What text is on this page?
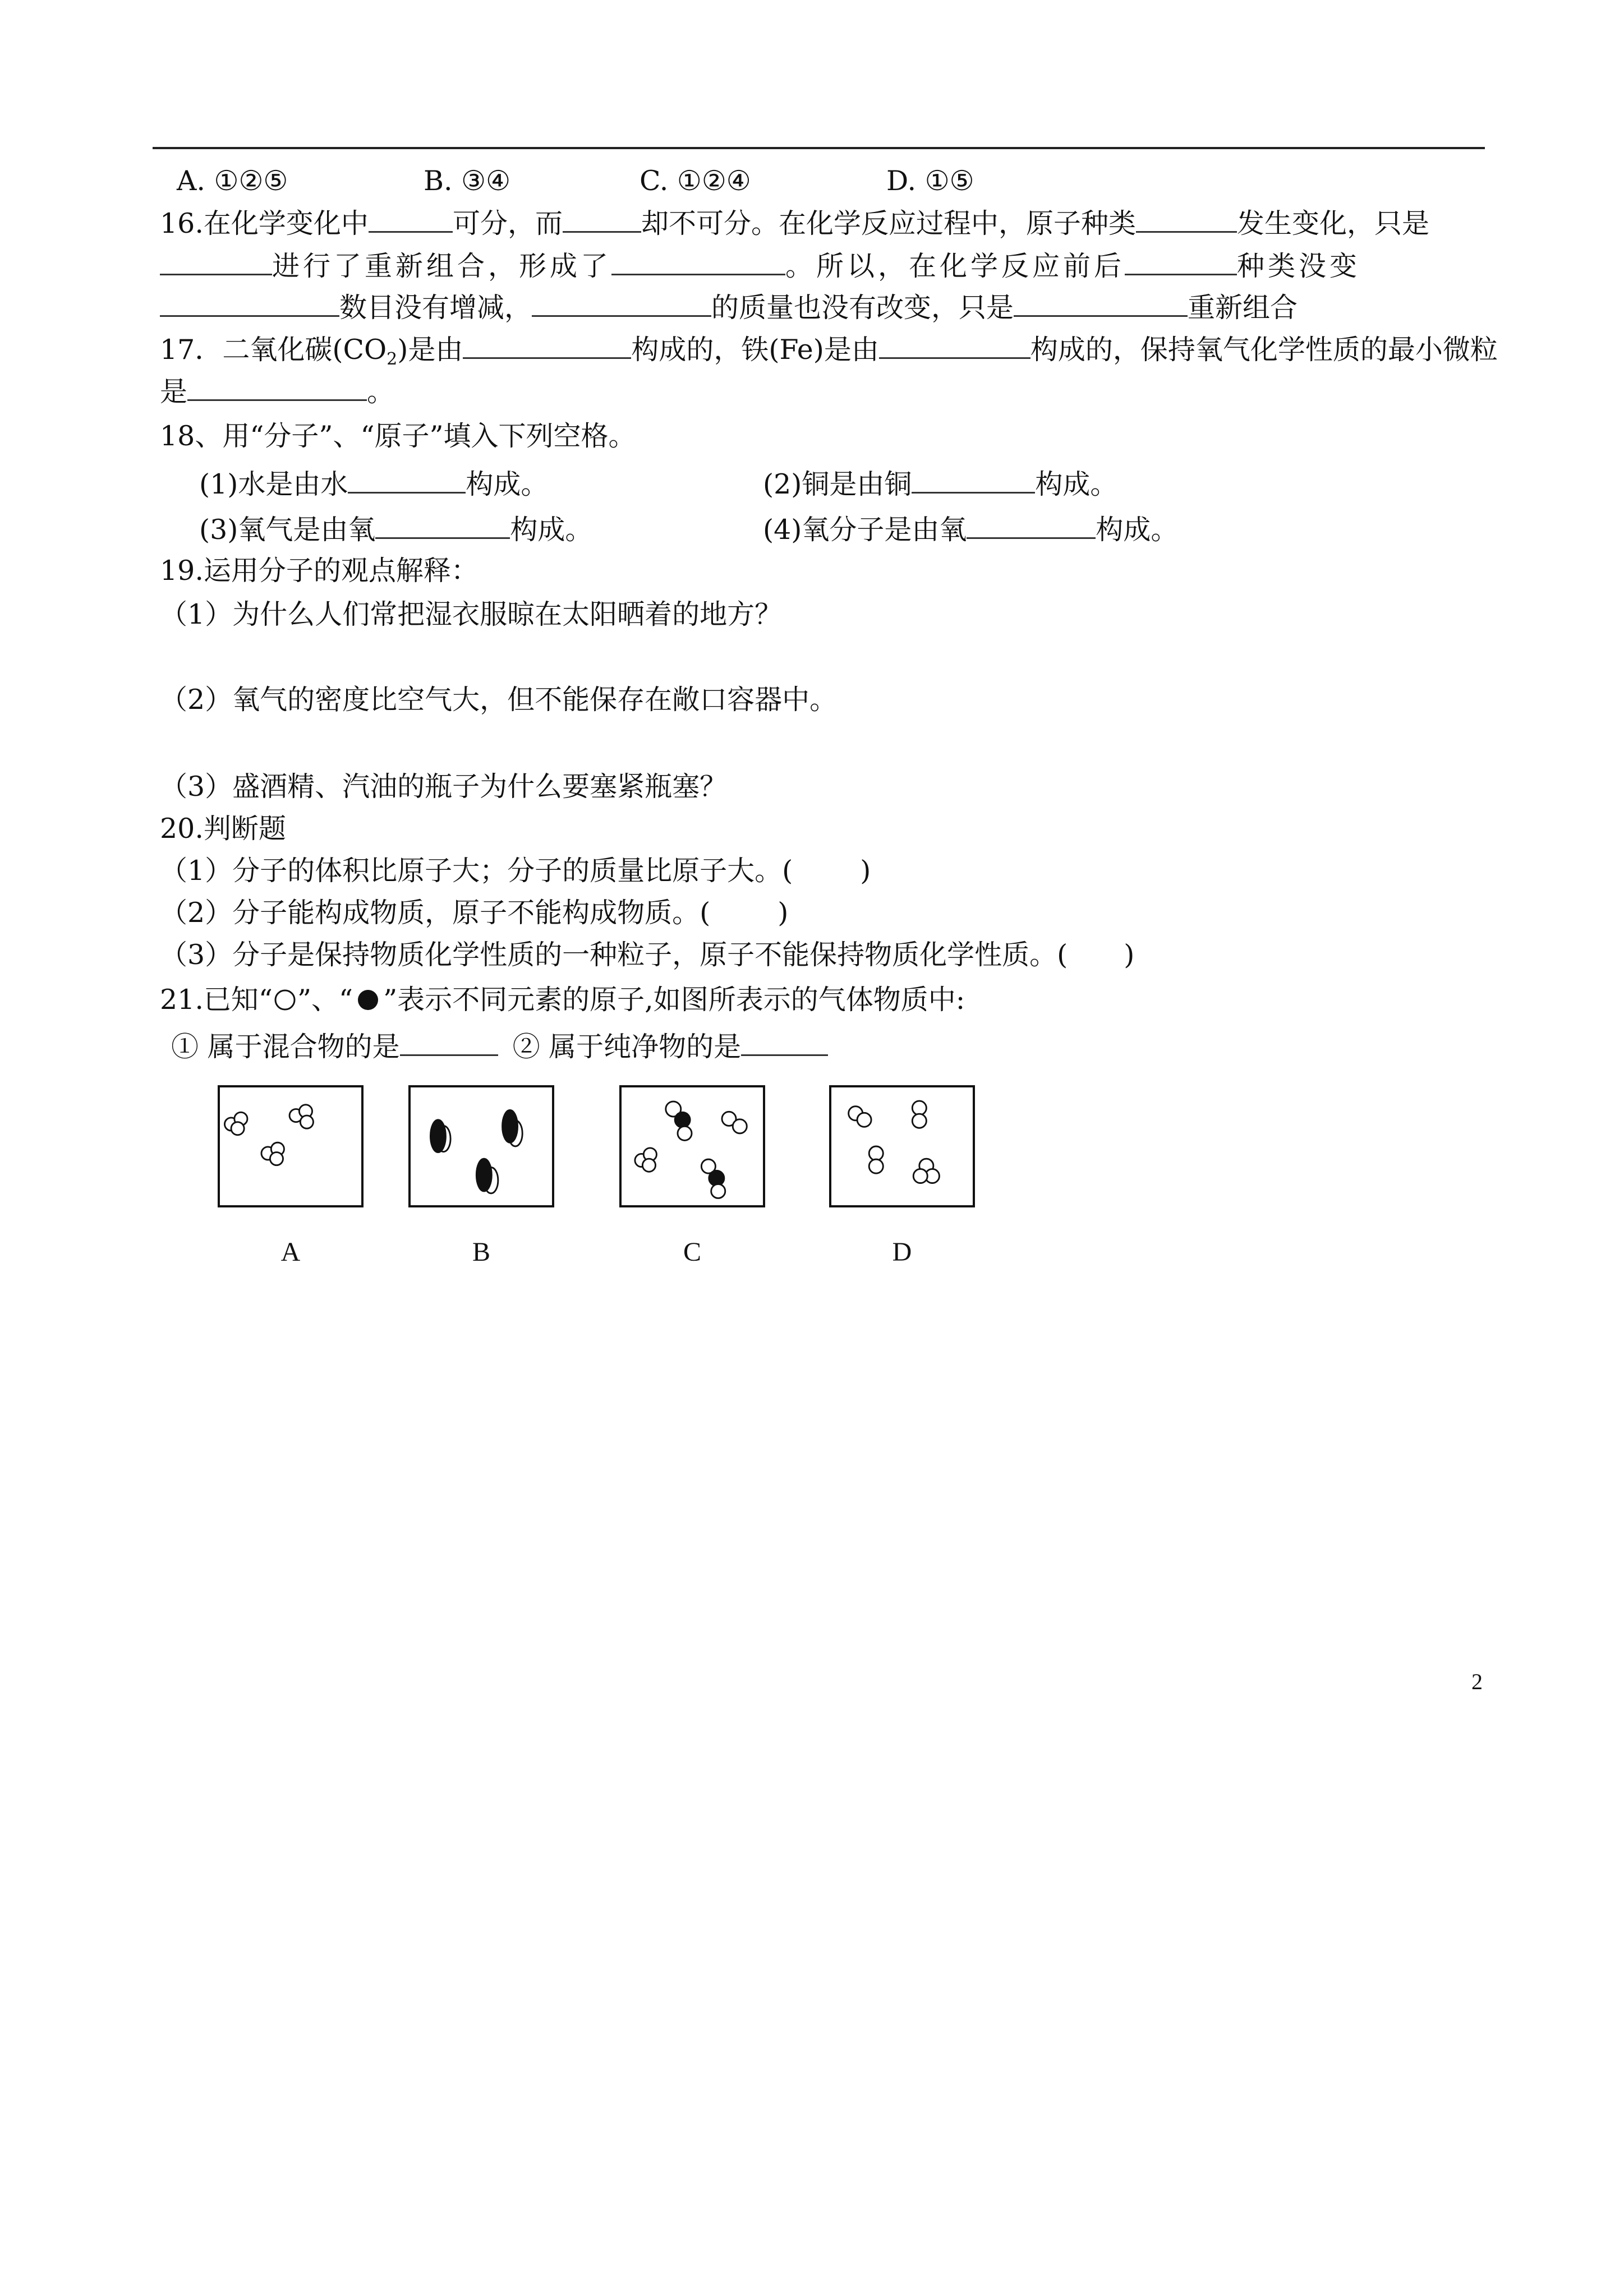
A. ①②⑤	B. ③④	C. ①②④	D. ①⑤
16.在化学变化中	可分，而	却不可分。在化学反应过程中，原子种类	发生变化，只是
进行了重新组合，形成了	。所以，在化学反应前后	种类没变
数目没有增减，	的质量也没有改变，只是	重新组合
17．二氧化碳$(CO_2)$是由	构成的，铁(Fe)是由	构成的，保持氧气化学性质的最小微粒
是	。
18、用“分子”、“原子”填入下列空格。
(1)水是由水	构成。	(2)铜是由铜	构成。
(3)氧气是由氧	构成。	(4)氧分子是由氧	构成。
19.运用分子的观点解释：
（1）为什么人们常把湿衣服晾在太阳晒着的地方？
（2）氧气的密度比空气大，但不能保存在敞口容器中。
（3）盛酒精、汽油的瓶子为什么要塞紧瓶塞？
20.判断题
（1）分子的体积比原子大；分子的质量比原子大。( )
（2）分子能构成物质，原子不能构成物质。( )
（3）分子是保持物质化学性质的一种粒子，原子不能保持物质化学性质。( )
21.已知“ ”、“ ”表示不同元素的原子,如图所表示的气体物质中:
① 属于混合物的是	② 属于纯净物的是
A	B	C	D
2
